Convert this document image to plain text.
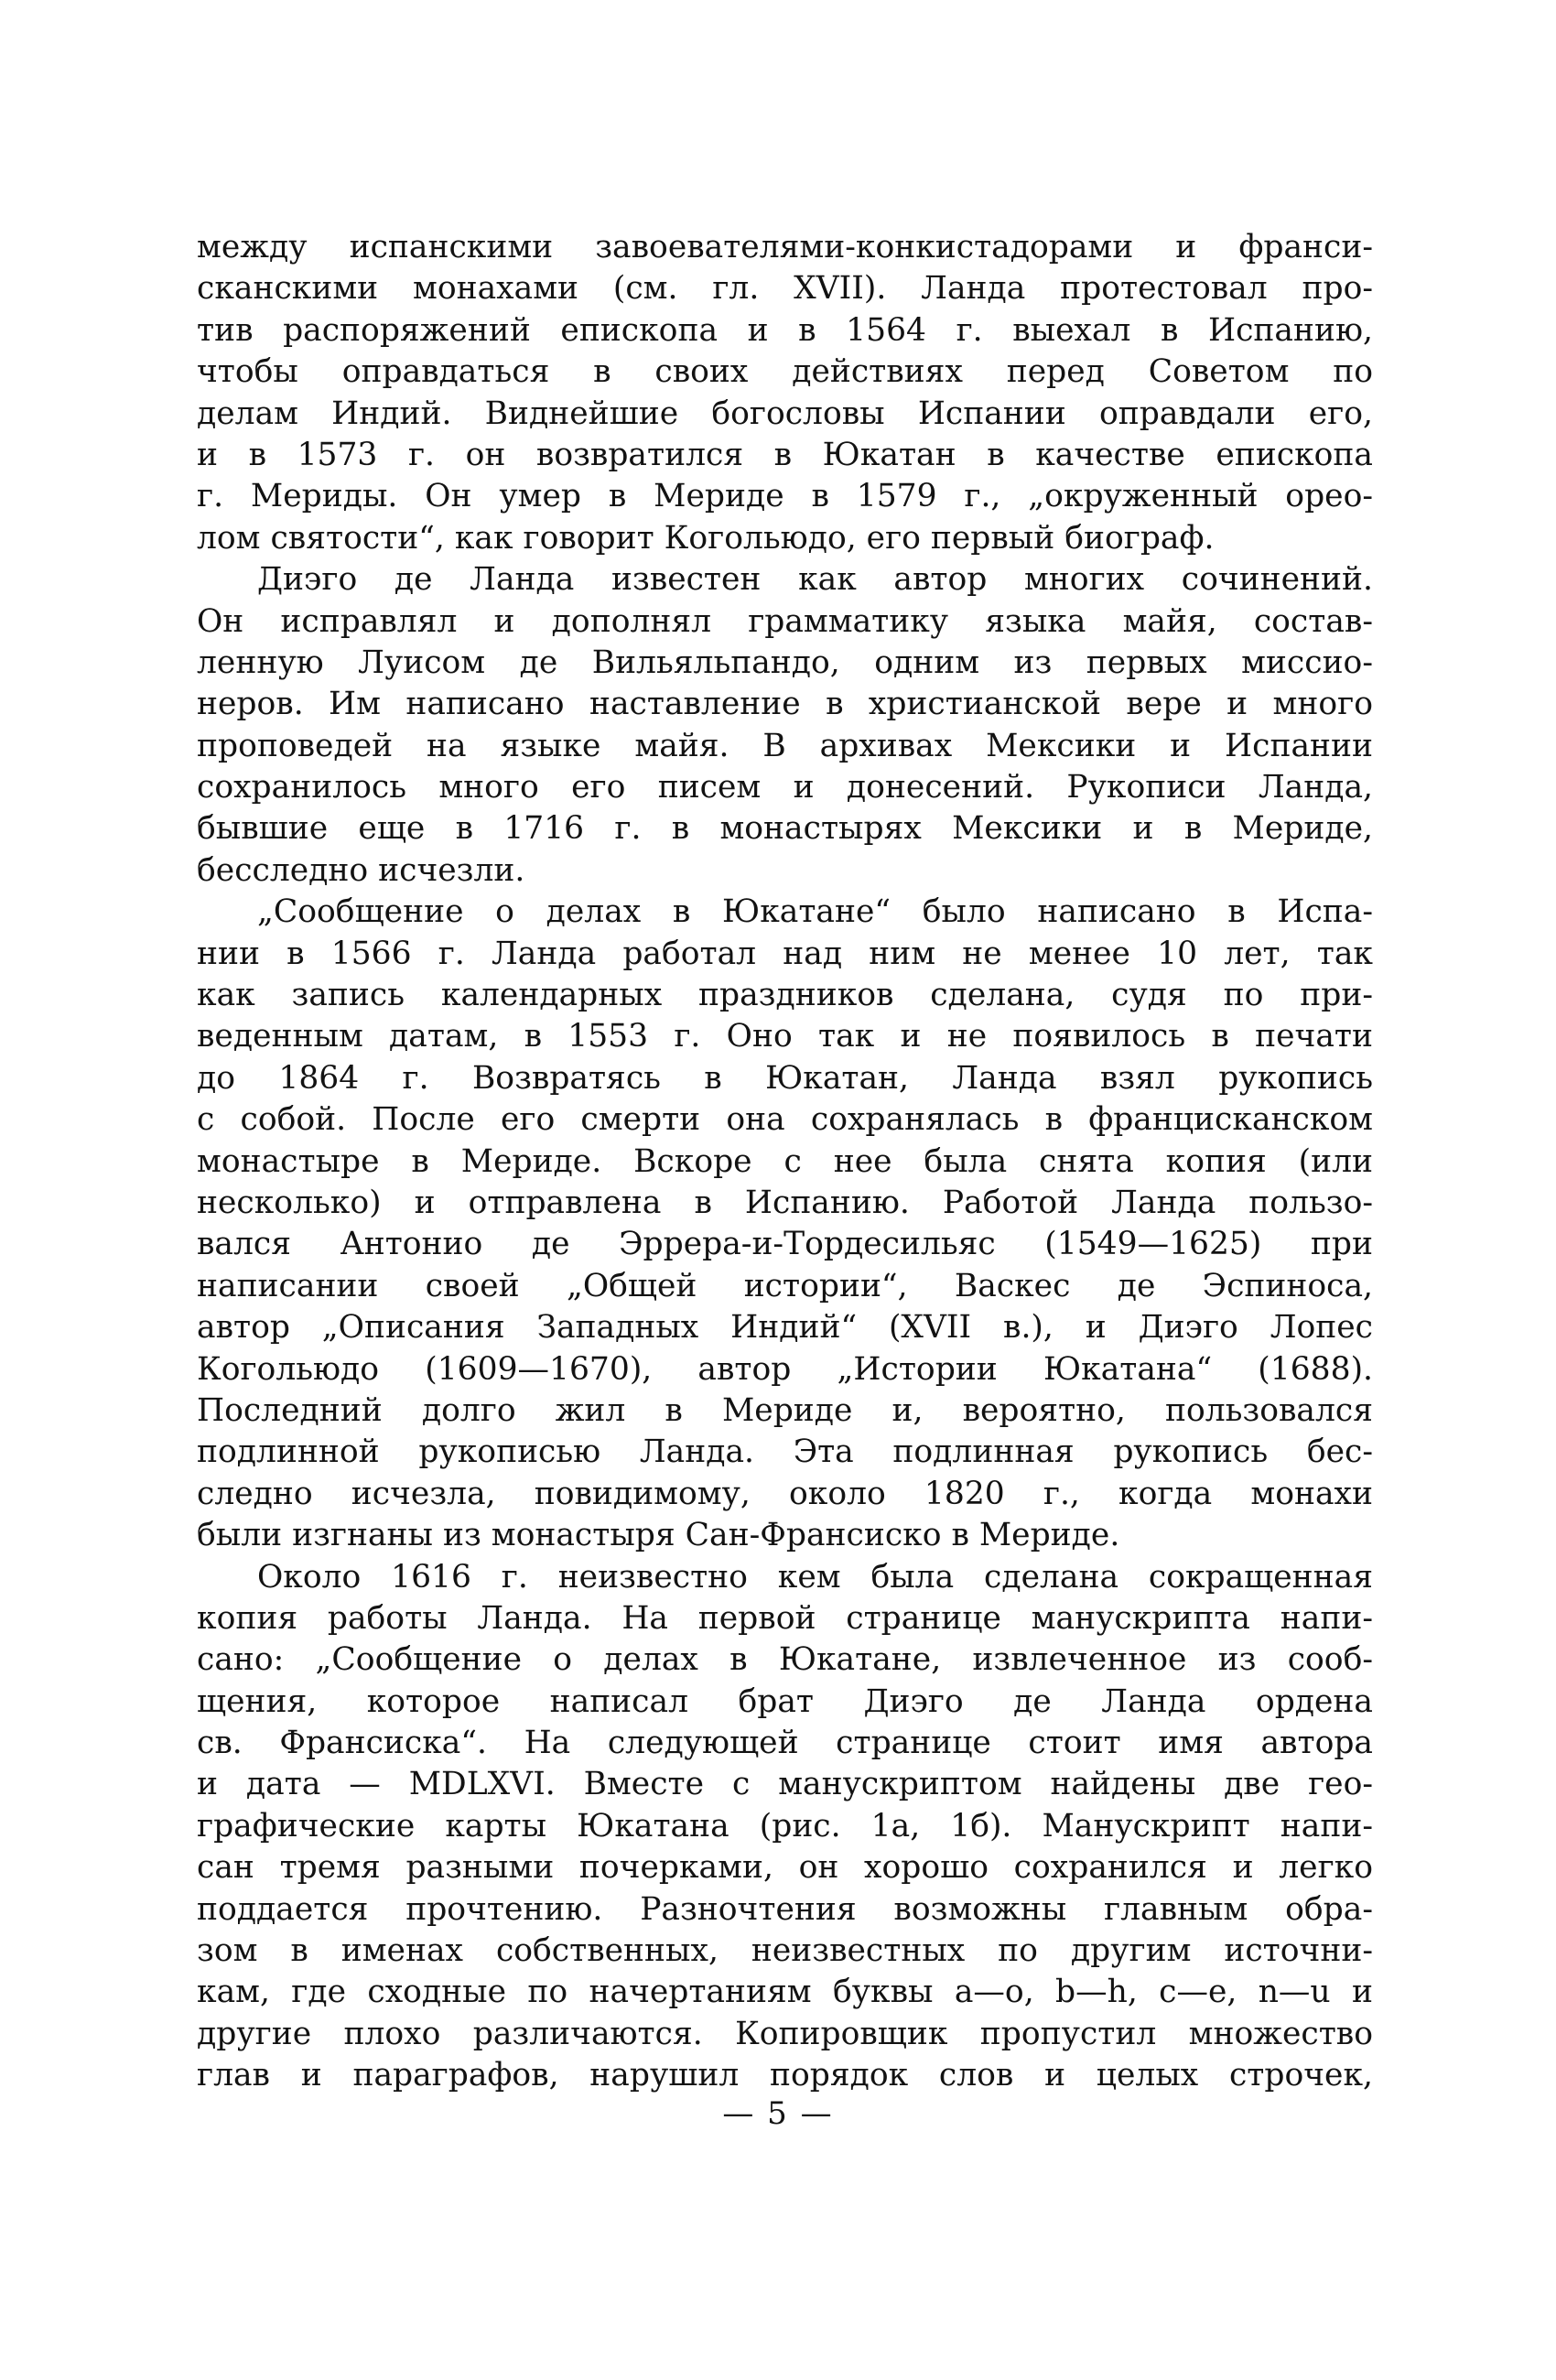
между испанскими завоевателями-конкистадорами и франси-
сканскими монахами (см. гл. XVII). Ланда протестовал про-
тив распоряжений епископа и в 1564 г. выехал в Испанию,
чтобы оправдаться в своих действиях перед Советом по
делам Индий. Виднейшие богословы Испании оправдали его,
и в 1573 г. он возвратился в Юкатан в качестве епископа
г. Мериды. Он умер в Мериде в 1579 г., „окруженный орео-
лом святости“, как говорит Когольюдо, его первый биограф.
Диэго де Ланда известен как автор многих сочинений.
Он исправлял и дополнял грамматику языка майя, состав-
ленную Луисом де Вильяльпандо, одним из первых миссио-
неров. Им написано наставление в христианской вере и много
проповедей на языке майя. В архивах Мексики и Испании
сохранилось много его писем и донесений. Рукописи Ланда,
бывшие еще в 1716 г. в монастырях Мексики и в Мериде,
бесследно исчезли.
„Сообщение о делах в Юкатане“ было написано в Испа-
нии в 1566 г. Ланда работал над ним не менее 10 лет, так
как запись календарных праздников сделана, судя по при-
веденным датам, в 1553 г. Оно так и не появилось в печати
до 1864 г. Возвратясь в Юкатан, Ланда взял рукопись
с собой. После его смерти она сохранялась в францисканском
монастыре в Мериде. Вскоре с нее была снята копия (или
несколько) и отправлена в Испанию. Работой Ланда пользо-
вался Антонио де Эррера-и-Тордесильяс (1549—1625) при
написании своей „Общей истории“, Васкес де Эспиноса,
автор „Описания Западных Индий“ (XVII в.), и Диэго Лопес
Когольюдо (1609—1670), автор „Истории Юкатана“ (1688).
Последний долго жил в Мериде и, вероятно, пользовался
подлинной рукописью Ланда. Эта подлинная рукопись бес-
следно исчезла, повидимому, около 1820 г., когда монахи
были изгнаны из монастыря Сан-Франсиско в Мериде.
Около 1616 г. неизвестно кем была сделана сокращенная
копия работы Ланда. На первой странице манускрипта напи-
сано: „Сообщение о делах в Юкатане, извлеченное из сооб-
щения, которое написал брат Диэго де Ланда ордена
св. Франсиска“. На следующей странице стоит имя автора
и дата — MDLXVI. Вместе с манускриптом найдены две гео-
графические карты Юкатана (рис. 1а, 1б). Манускрипт напи-
сан тремя разными почерками, он хорошо сохранился и легко
поддается прочтению. Разночтения возможны главным обра-
зом в именах собственных, неизвестных по другим источни-
кам, где сходные по начертаниям буквы a—o, b—h, c—e, n—u и
другие плохо различаются. Копировщик пропустил множество
глав и параграфов, нарушил порядок слов и целых строчек,
— 5 —
